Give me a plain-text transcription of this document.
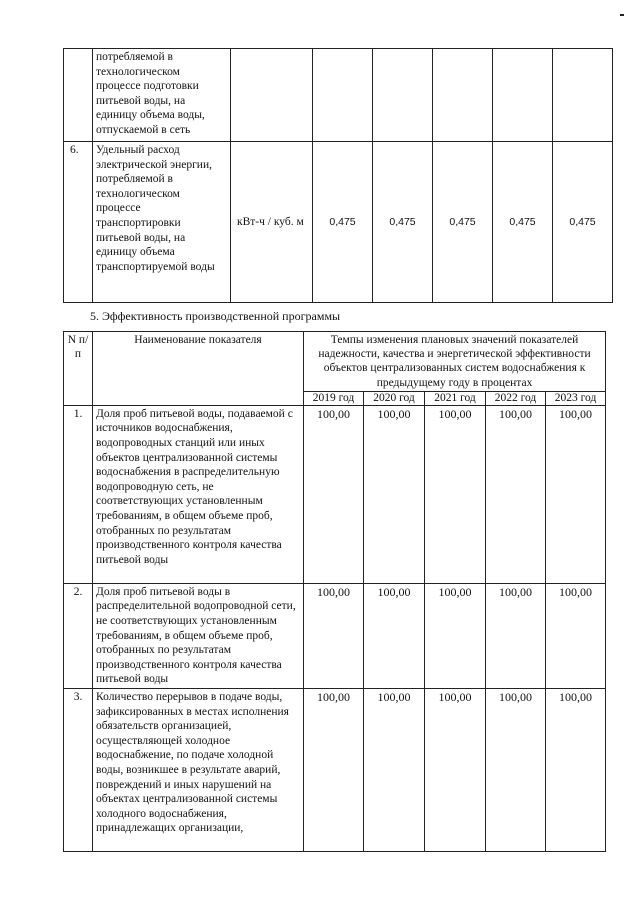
	потребляемой в технологическом процессе подготовки питьевой воды, на единицу объема воды, отпускаемой в сеть						
6.	Удельный расход электрической энергии, потребляемой в технологическом процессе транспортировки питьевой воды, на единицу объема транспортируемой воды	кВт-ч / куб. м	0,475	0,475	0,475	0,475	0,475
5. Эффективность производственной программы
N п/п	Наименование показателя	Темпы изменения плановых значений показателей надежности, качества и энергетической эффективности объектов централизованных систем водоснабжения к предыдущему году в процентах				
		2019 год	2020 год	2021 год	2022 год	2023 год
1.	Доля проб питьевой воды, подаваемой с источников водоснабжения, водопроводных станций или иных объектов централизованной системы водоснабжения в распределительную водопроводную сеть, не соответствующих установленным требованиям, в общем объеме проб, отобранных по результатам производственного контроля качества питьевой воды	100,00	100,00	100,00	100,00	100,00
2.	Доля проб питьевой воды в распределительной водопроводной сети, не соответствующих установленным требованиям, в общем объеме проб, отобранных по результатам производственного контроля качества питьевой воды	100,00	100,00	100,00	100,00	100,00
3.	Количество перерывов в подаче воды, зафиксированных в местах исполнения обязательств организацией, осуществляющей холодное водоснабжение, по подаче холодной воды, возникшее в результате аварий, повреждений и иных нарушений на объектах централизованной системы холодного водоснабжения, принадлежащих организации,	100,00	100,00	100,00	100,00	100,00
